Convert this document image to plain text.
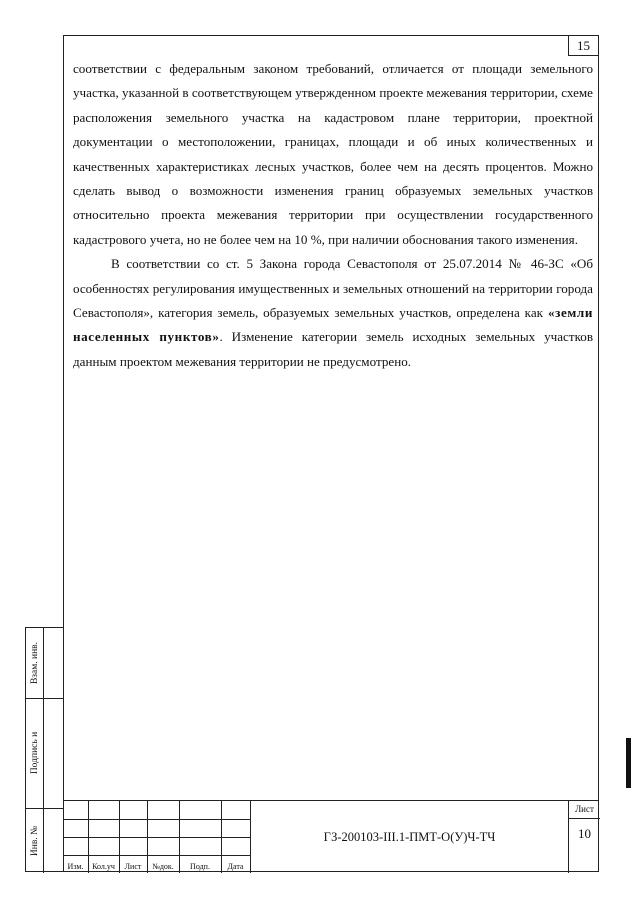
15

соответствии с федеральным законом требований, отличается от площади земельного участка, указанной в соответствующем утвержденном проекте межевания территории, схеме расположения земельного участка на кадастровом плане территории, проектной документации о местоположении, границах, площади и об иных количественных и качественных характеристиках лесных участков, более чем на десять процентов. Можно сделать вывод о возможности изменения границ образуемых земельных участков относительно проекта межевания территории при осуществлении государственного кадастрового учета, но не более чем на 10 %, при наличии обоснования такого изменения.

В соответствии со ст. 5 Закона города Севастополя от 25.07.2014 № 46-ЗС «Об особенностях регулирования имущественных и земельных отношений на территории города Севастополя», категория земель, образуемых земельных участков, определена как «земли населенных пунктов». Изменение категории земель исходных земельных участков данным проектом межевания территории не предусмотрено.

Взам. инв.
Подпись и
Инв. №
Изм.	Кол.уч	Лист	№док.	Подп.	Дата
ГЗ-200103-III.1-ПМТ-О(У)Ч-ТЧ
Лист
10
